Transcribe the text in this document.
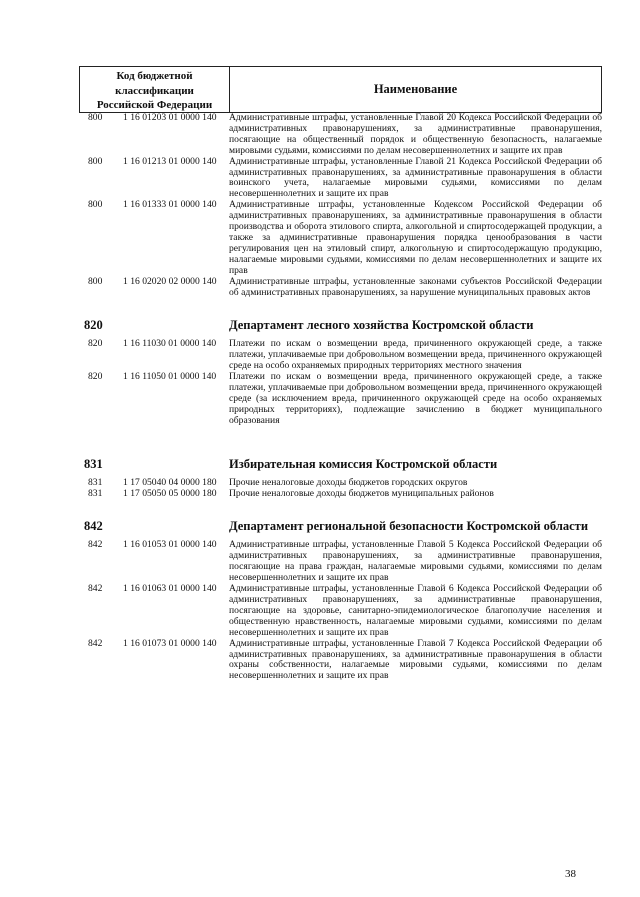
Код бюджетной
классификации
Российской Федерации
Наименование
800	1 16 01203 01 0000 140	Административные штрафы, установленные Главой 20 Кодекса Российской Федерации об административных правонарушениях, за административные правонарушения, посягающие на общественный порядок и общественную безопасность, налагаемые мировыми судьями, комиссиями по делам несовершеннолетних и защите их прав
800	1 16 01213 01 0000 140	Административные штрафы, установленные Главой 21 Кодекса Российской Федерации об административных правонарушениях, за административные правонарушения в области воинского учета, налагаемые мировыми судьями, комиссиями по делам несовершеннолетних и защите их прав
800	1 16 01333 01 0000 140	Административные штрафы, установленные Кодексом Российской Федерации об административных правонарушениях, за административные правонарушения в области производства и оборота этилового спирта, алкогольной и спиртосодержащей продукции, а также за административные правонарушения порядка ценообразования в части регулирования цен на этиловый спирт, алкогольную и спиртосодержащую продукцию, налагаемые мировыми судьями, комиссиями по делам несовершеннолетних и защите их прав
800	1 16 02020 02 0000 140	Административные штрафы, установленные законами субъектов Российской Федерации об административных правонарушениях, за нарушение муниципальных правовых актов
820	Департамент лесного хозяйства Костромской области
820	1 16 11030 01 0000 140	Платежи по искам о возмещении вреда, причиненного окружающей среде, а также платежи, уплачиваемые при добровольном возмещении вреда, причиненного окружающей среде на особо охраняемых природных территориях местного значения
820	1 16 11050 01 0000 140	Платежи по искам о возмещении вреда, причиненного окружающей среде, а также платежи, уплачиваемые при добровольном возмещении вреда, причиненного окружающей среде (за исключением вреда, причиненного окружающей среде на особо охраняемых природных территориях), подлежащие зачислению в бюджет муниципального образования
831	Избирательная комиссия Костромской области
831	1 17 05040 04 0000 180	Прочие неналоговые доходы бюджетов городских округов
831	1 17 05050 05 0000 180	Прочие неналоговые доходы бюджетов муниципальных районов
842	Департамент региональной безопасности Костромской области
842	1 16 01053 01 0000 140	Административные штрафы, установленные Главой 5 Кодекса Российской Федерации об административных правонарушениях, за административные правонарушения, посягающие на права граждан, налагаемые мировыми судьями, комиссиями по делам несовершеннолетних и защите их прав
842	1 16 01063 01 0000 140	Административные штрафы, установленные Главой 6 Кодекса Российской Федерации об административных правонарушениях, за административные правонарушения, посягающие на здоровье, санитарно-эпидемиологическое благополучие населения и общественную нравственность, налагаемые мировыми судьями, комиссиями по делам несовершеннолетних и защите их прав
842	1 16 01073 01 0000 140	Административные штрафы, установленные Главой 7 Кодекса Российской Федерации об административных правонарушениях, за административные правонарушения в области охраны собственности, налагаемые мировыми судьями, комиссиями по делам несовершеннолетних и защите их прав
38
